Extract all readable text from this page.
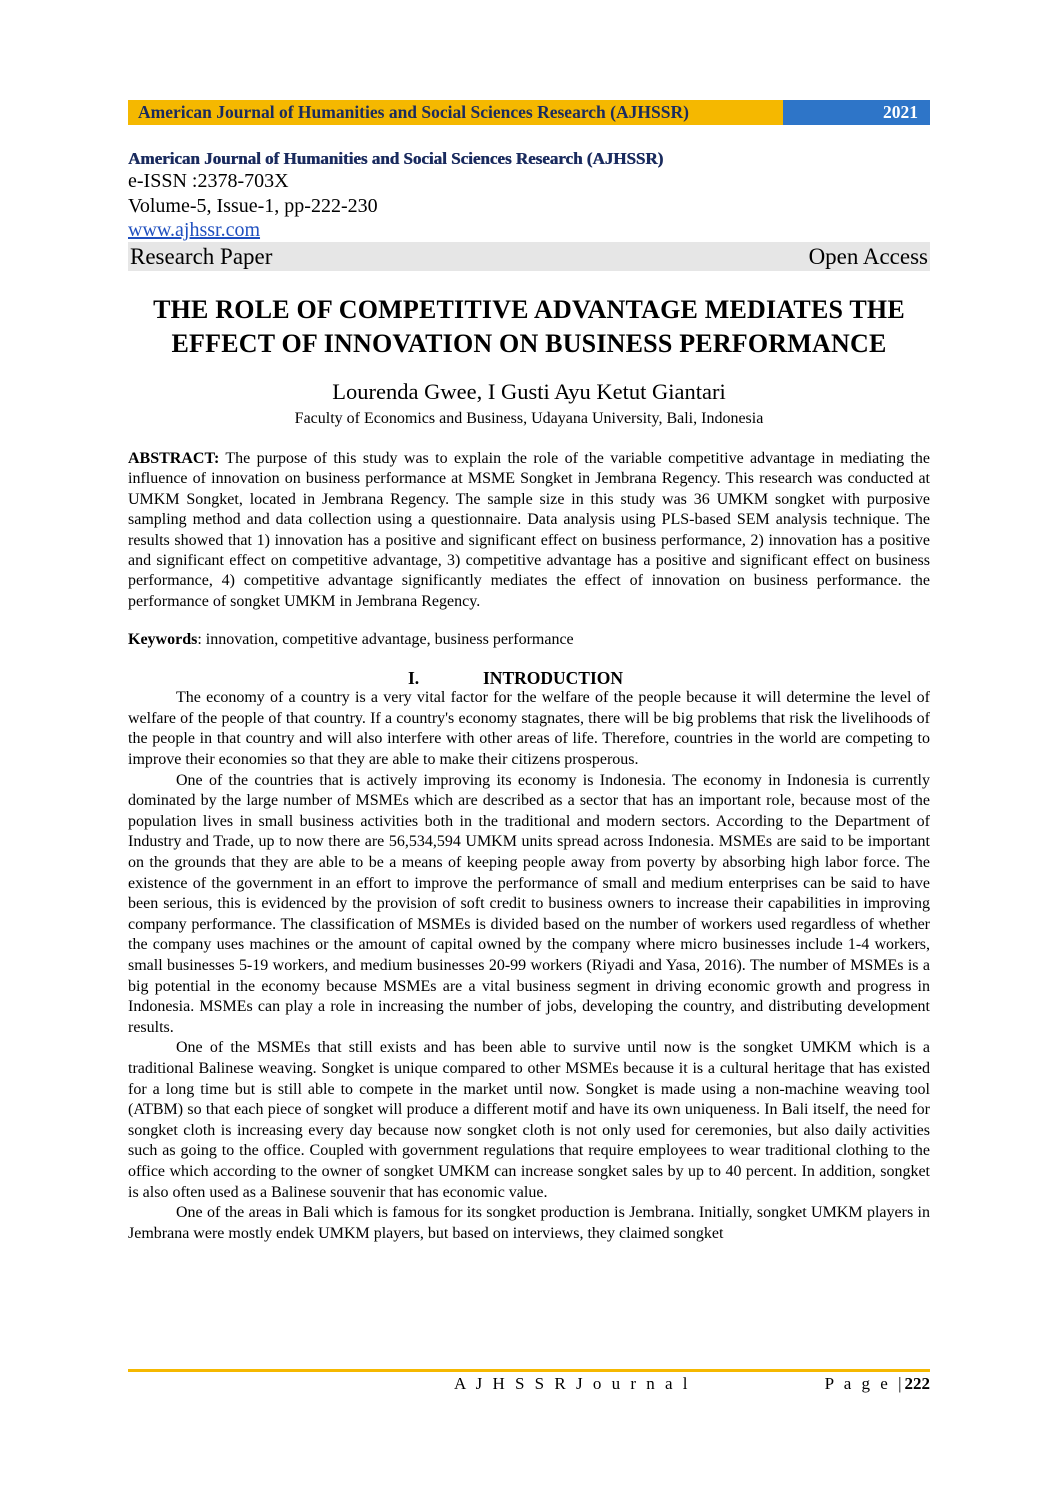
American Journal of Humanities and Social Sciences Research (AJHSSR)	2021
American Journal of Humanities and Social Sciences Research (AJHSSR)
e-ISSN :2378-703X
Volume-5, Issue-1, pp-222-230
www.ajhssr.com
Research Paper	Open Access
THE ROLE OF COMPETITIVE ADVANTAGE MEDIATES THE EFFECT OF INNOVATION ON BUSINESS PERFORMANCE
Lourenda Gwee, I Gusti Ayu Ketut Giantari
Faculty of Economics and Business, Udayana University, Bali, Indonesia
ABSTRACT: The purpose of this study was to explain the role of the variable competitive advantage in mediating the influence of innovation on business performance at MSME Songket in Jembrana Regency. This research was conducted at UMKM Songket, located in Jembrana Regency. The sample size in this study was 36 UMKM songket with purposive sampling method and data collection using a questionnaire. Data analysis using PLS-based SEM analysis technique. The results showed that 1) innovation has a positive and significant effect on business performance, 2) innovation has a positive and significant effect on competitive advantage, 3) competitive advantage has a positive and significant effect on business performance, 4) competitive advantage significantly mediates the effect of innovation on business performance. the performance of songket UMKM in Jembrana Regency.
Keywords: innovation, competitive advantage, business performance
I.	INTRODUCTION
The economy of a country is a very vital factor for the welfare of the people because it will determine the level of welfare of the people of that country. If a country's economy stagnates, there will be big problems that risk the livelihoods of the people in that country and will also interfere with other areas of life. Therefore, countries in the world are competing to improve their economies so that they are able to make their citizens prosperous.
One of the countries that is actively improving its economy is Indonesia. The economy in Indonesia is currently dominated by the large number of MSMEs which are described as a sector that has an important role, because most of the population lives in small business activities both in the traditional and modern sectors. According to the Department of Industry and Trade, up to now there are 56,534,594 UMKM units spread across Indonesia. MSMEs are said to be important on the grounds that they are able to be a means of keeping people away from poverty by absorbing high labor force. The existence of the government in an effort to improve the performance of small and medium enterprises can be said to have been serious, this is evidenced by the provision of soft credit to business owners to increase their capabilities in improving company performance. The classification of MSMEs is divided based on the number of workers used regardless of whether the company uses machines or the amount of capital owned by the company where micro businesses include 1-4 workers, small businesses 5-19 workers, and medium businesses 20-99 workers (Riyadi and Yasa, 2016). The number of MSMEs is a big potential in the economy because MSMEs are a vital business segment in driving economic growth and progress in Indonesia. MSMEs can play a role in increasing the number of jobs, developing the country, and distributing development results.
One of the MSMEs that still exists and has been able to survive until now is the songket UMKM which is a traditional Balinese weaving. Songket is unique compared to other MSMEs because it is a cultural heritage that has existed for a long time but is still able to compete in the market until now. Songket is made using a non-machine weaving tool (ATBM) so that each piece of songket will produce a different motif and have its own uniqueness. In Bali itself, the need for songket cloth is increasing every day because now songket cloth is not only used for ceremonies, but also daily activities such as going to the office. Coupled with government regulations that require employees to wear traditional clothing to the office which according to the owner of songket UMKM can increase songket sales by up to 40 percent. In addition, songket is also often used as a Balinese souvenir that has economic value.
One of the areas in Bali which is famous for its songket production is Jembrana. Initially, songket UMKM players in Jembrana were mostly endek UMKM players, but based on interviews, they claimed songket
A J H S S R J o u r n a l	P a g e |222
